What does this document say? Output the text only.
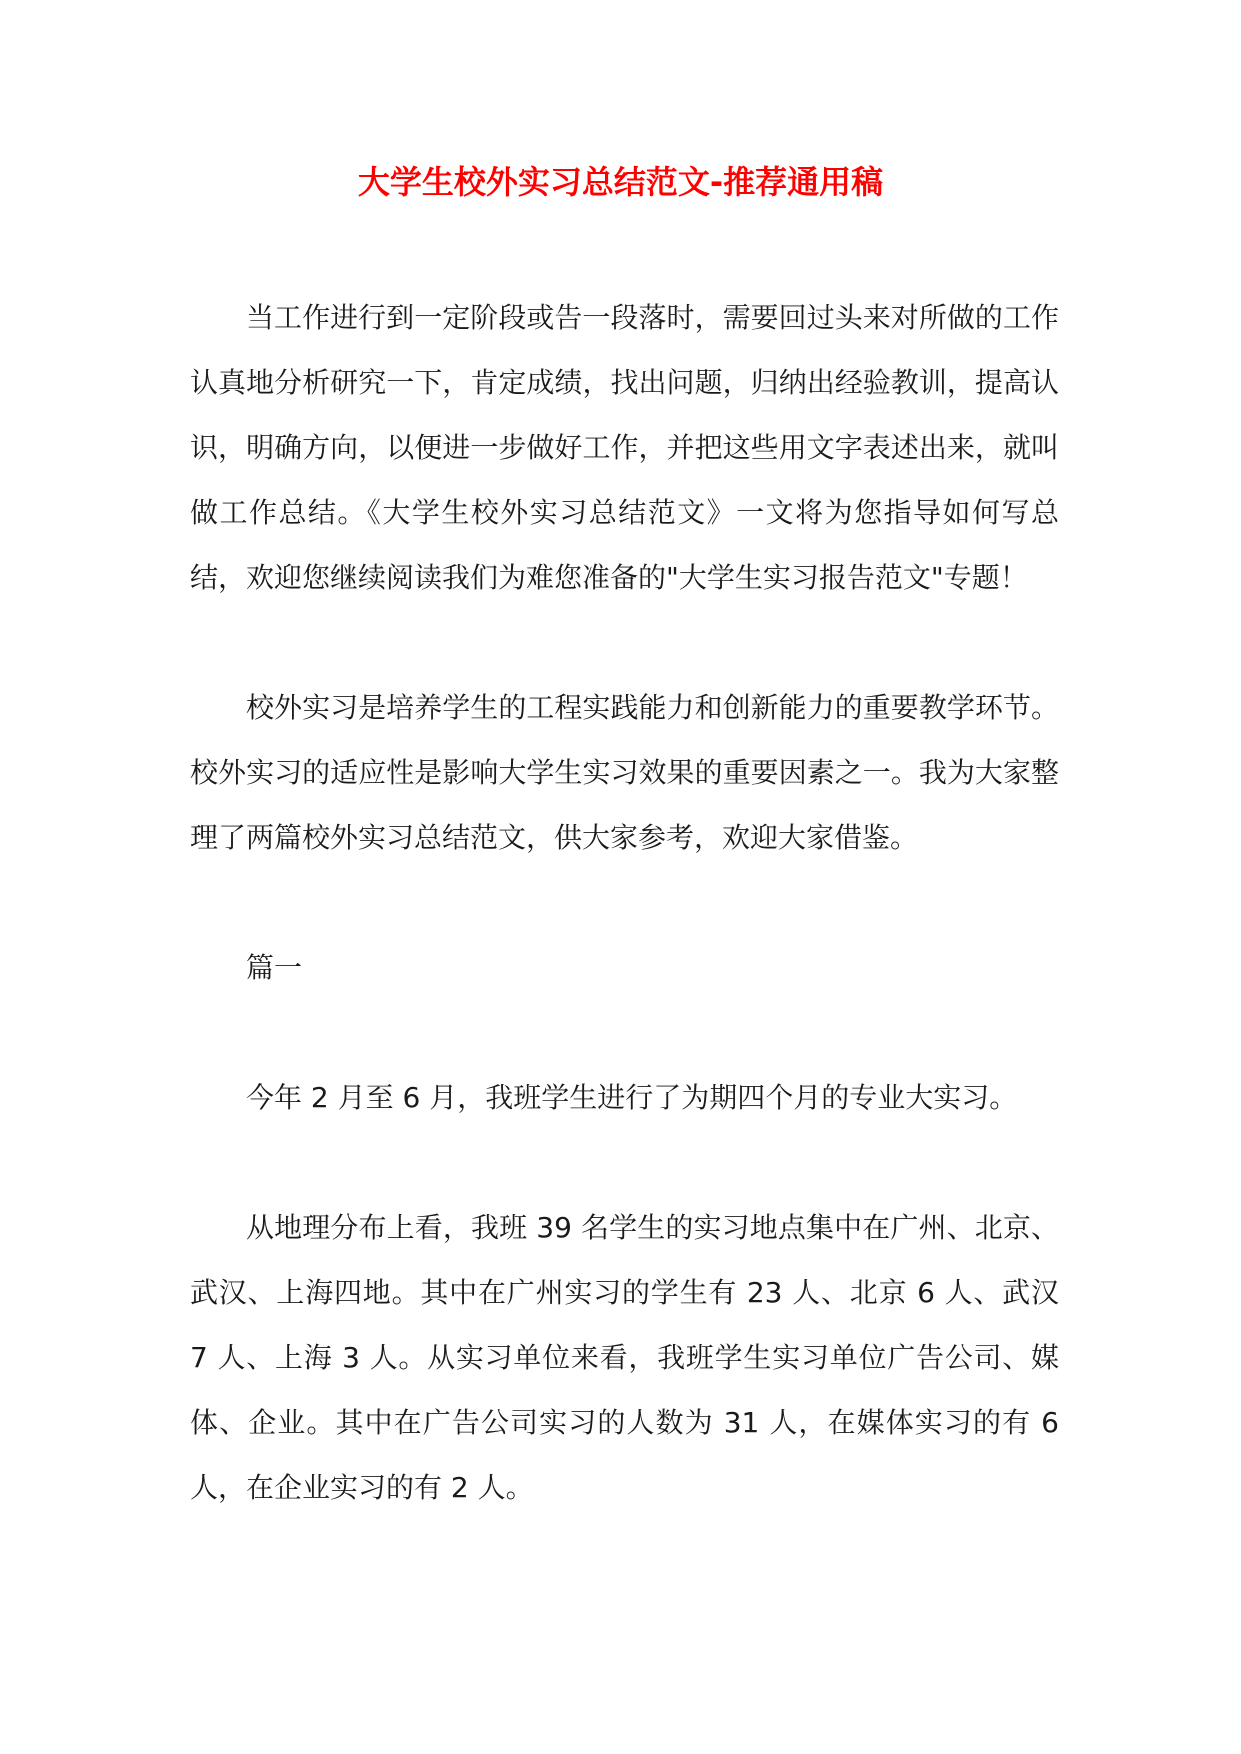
大学生校外实习总结范文-推荐通用稿

当工作进行到一定阶段或告一段落时，需要回过头来对所做的工作认真地分析研究一下，肯定成绩，找出问题，归纳出经验教训，提高认识，明确方向，以便进一步做好工作，并把这些用文字表述出来，就叫做工作总结。《大学生校外实习总结范文》一文将为您指导如何写总结，欢迎您继续阅读我们为难您准备的"大学生实习报告范文"专题！

校外实习是培养学生的工程实践能力和创新能力的重要教学环节。校外实习的适应性是影响大学生实习效果的重要因素之一。我为大家整理了两篇校外实习总结范文，供大家参考，欢迎大家借鉴。

篇一

今年 2 月至 6 月，我班学生进行了为期四个月的专业大实习。

从地理分布上看，我班 39 名学生的实习地点集中在广州、北京、武汉、上海四地。其中在广州实习的学生有 23 人、北京 6 人、武汉 7 人、上海 3 人。从实习单位来看，我班学生实习单位广告公司、媒体、企业。其中在广告公司实习的人数为 31 人，在媒体实习的有 6 人，在企业实习的有 2 人。
